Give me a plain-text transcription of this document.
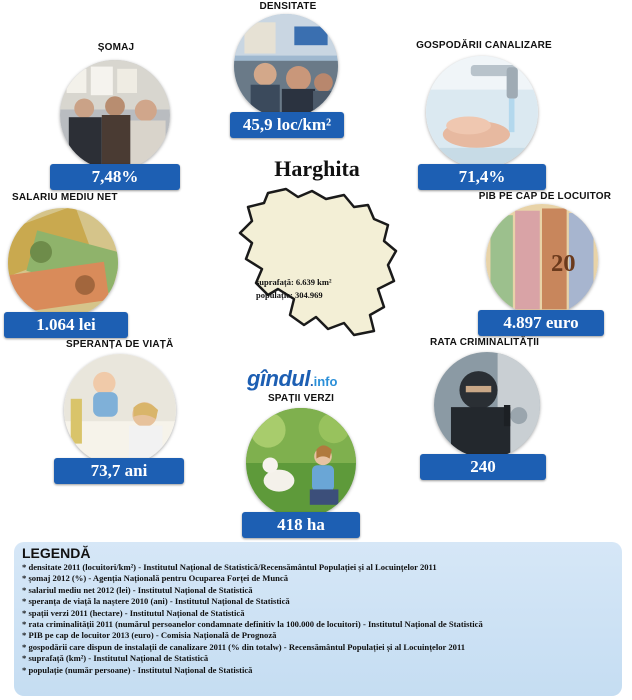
DENSITATE
45,9 loc/km²
ȘOMAJ
7,48%
GOSPODĂRII CANALIZARE
71,4%
SALARIU MEDIU NET
1.064 lei
PIB PE CAP DE LOCUITOR
20
4.897 euro
SPERANȚA DE VIAȚĂ
73,7 ani
RATA CRIMINALITĂȚII
240
SPAȚII VERZI
418 ha
Harghita
suprafață: 6.639 km²
populație: 304.969
gîndul.info
LEGENDĂ
* densitate 2011 (locuitori/km²) - Institutul Național de Statistică/Recensământul Populației și al Locuințelor 2011
* șomaj 2012 (%) - Agenția Națională pentru Ocuparea Forței de Muncă
* salariul mediu net 2012 (lei) - Institutul Național de Statistică
* speranța de viață la naștere 2010 (ani) - Institutul Național de Statistică
* spații verzi 2011 (hectare) - Institutul Național de Statistică
* rata criminalității 2011 (numărul persoanelor condamnate definitiv la 100.000 de locuitori) - Institutul Național de Statistică
* PIB pe cap de locuitor 2013 (euro) - Comisia Națională de Prognoză
* gospodării care dispun de instalații de canalizare 2011 (% din totalw) - Recensământul Populației și al Locuințelor 2011
* suprafață (km²) - Institutul Național de Statistică
* populație (număr persoane) - Institutul Național de Statistică
